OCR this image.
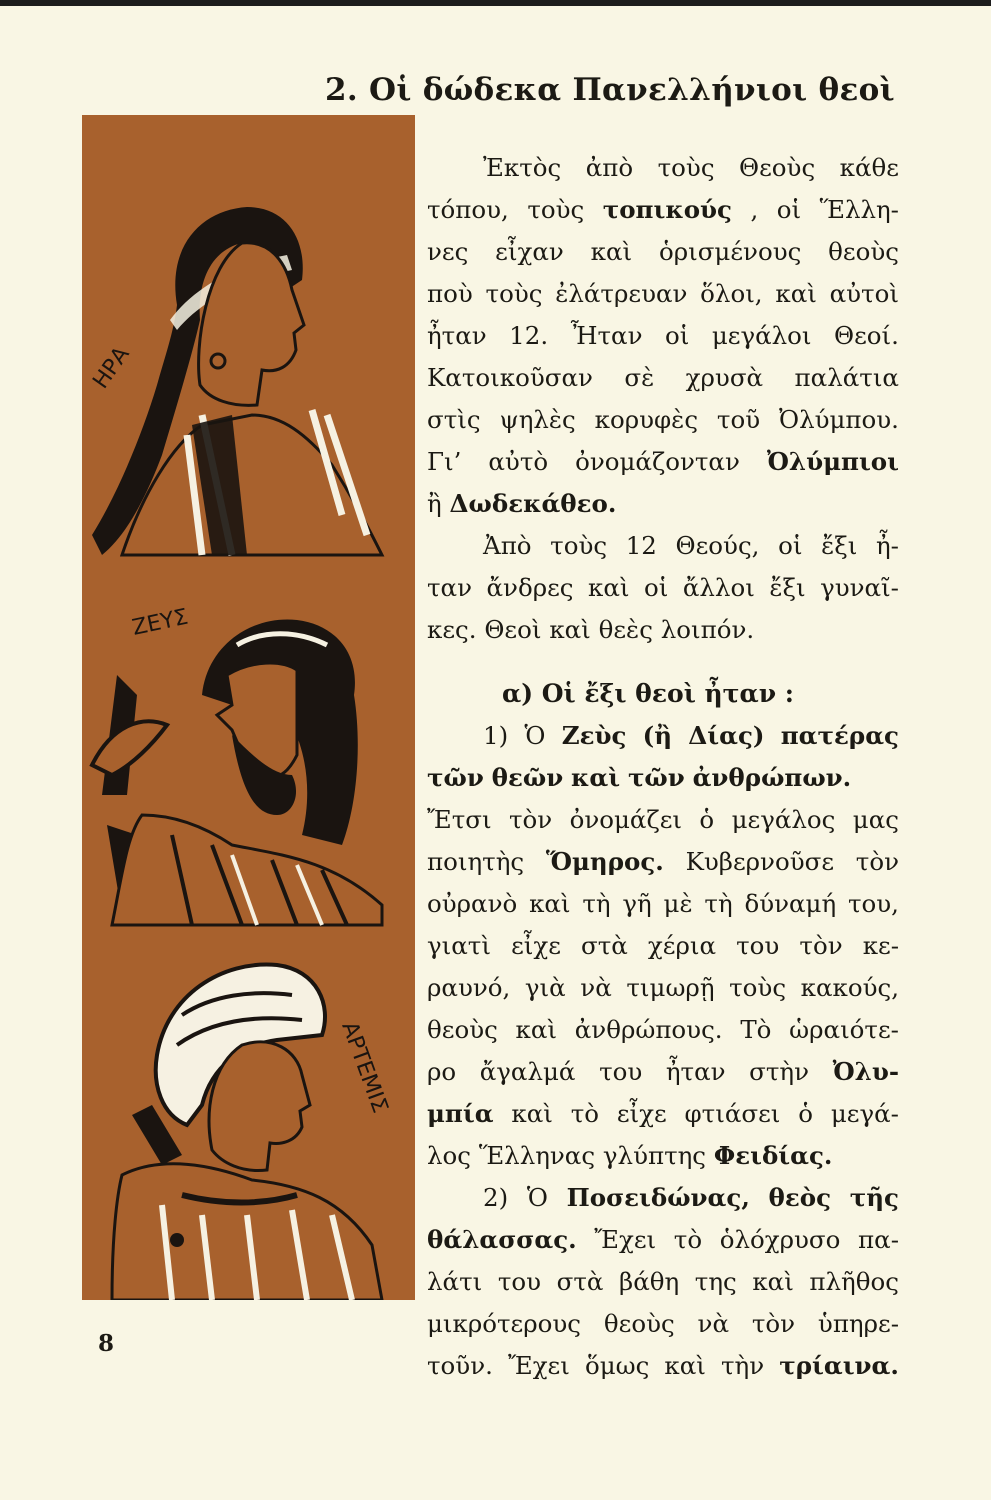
2. Οἱ δώδεκα Πανελλήνιοι θεοὶ
ΗΡΑ
ΖΕΥΣ
ΑΡΤΕΜΙΣ
Ἐκτὸς ἀπὸ τοὺς Θεοὺς κάθε
τόπου, τοὺς τοπικούς , οἱ Ἕλλη-
νες εἶχαν καὶ ὁρισμένους θεοὺς
ποὺ τοὺς ἐλάτρευαν ὅλοι, καὶ αὐτοὶ
ἦταν 12. Ἦταν οἱ μεγάλοι Θεοί.
Κατοικοῦσαν σὲ χρυσὰ παλάτια
στὶς ψηλὲς κορυφὲς τοῦ Ὀλύμπου.
Γι’ αὐτὸ ὀνομάζονταν Ὀλύμπιοι
ἢ Δωδεκάθεο.
Ἀπὸ τοὺς 12 Θεούς, οἱ ἔξι ἦ-
ταν ἄνδρες καὶ οἱ ἄλλοι ἔξι γυναῖ-
κες. Θεοὶ καὶ θεὲς λοιπόν.
α) Οἱ ἔξι θεοὶ ἦταν :
1) Ὁ Ζεὺς (ἢ Δίας) πατέρας
τῶν θεῶν καὶ τῶν ἀνθρώπων.
Ἔτσι τὸν ὀνομάζει ὁ μεγάλος μας
ποιητὴς Ὅμηρος. Κυβερνοῦσε τὸν
οὐρανὸ καὶ τὴ γῆ μὲ τὴ δύναμή του,
γιατὶ εἶχε στὰ χέρια του τὸν κε-
ραυνό, γιὰ νὰ τιμωρῇ τοὺς κακούς,
θεοὺς καὶ ἀνθρώπους. Τὸ ὡραιότε-
ρο ἄγαλμά του ἦταν στὴν Ὀλυ-
μπία καὶ τὸ εἶχε φτιάσει ὁ μεγά-
λος Ἕλληνας γλύπτης Φειδίας.
2) Ὁ Ποσειδώνας, θεὸς τῆς
θάλασσας. Ἔχει τὸ ὁλόχρυσο πα-
λάτι του στὰ βάθη της καὶ πλῆθος
μικρότερους θεοὺς νὰ τὸν ὑπηρε-
τοῦν. Ἔχει ὅμως καὶ τὴν τρίαινα.
8
